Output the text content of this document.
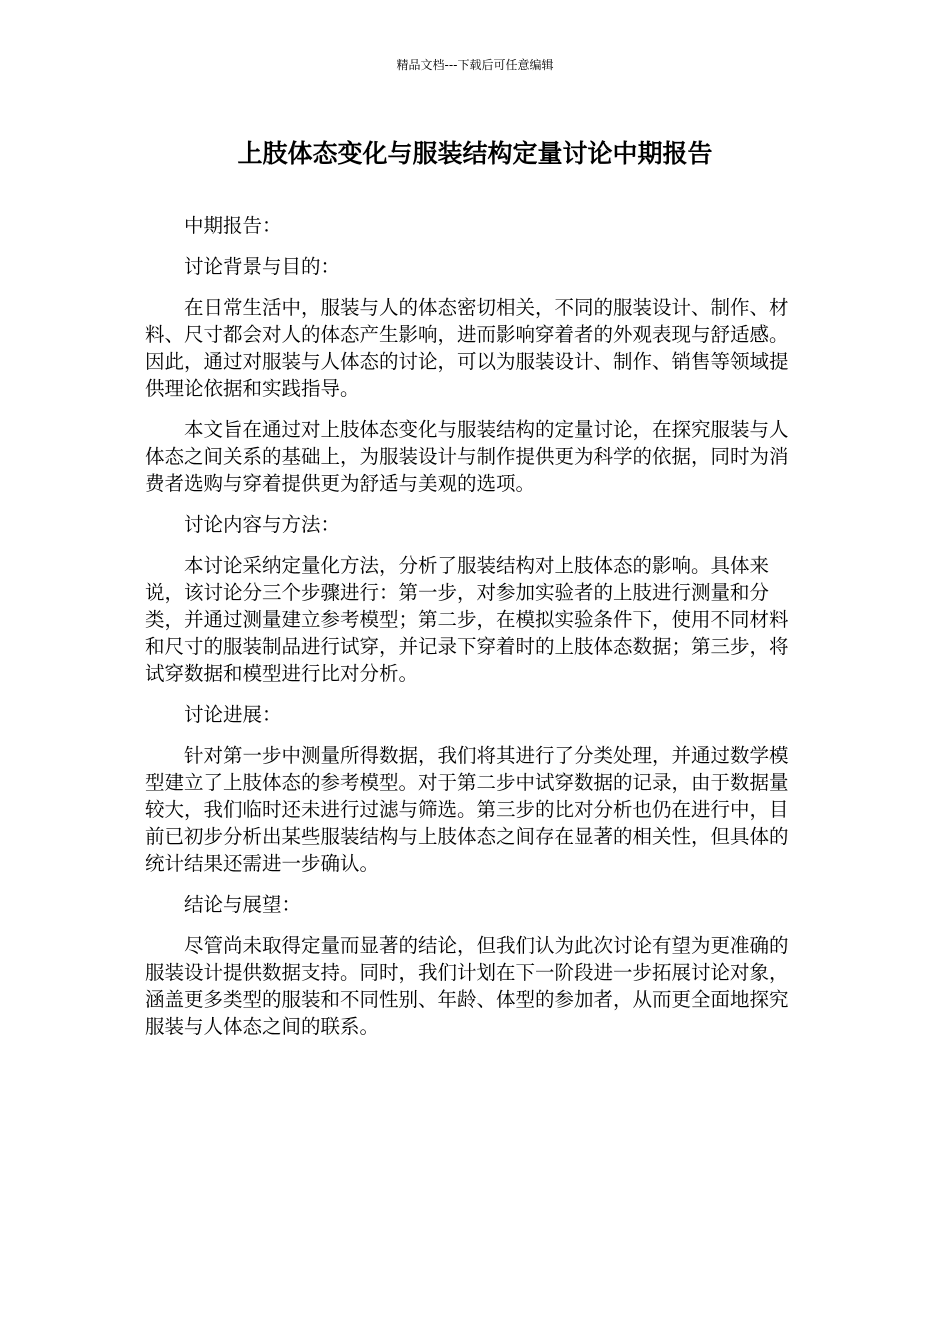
精品文档---下载后可任意编辑
上肢体态变化与服装结构定量讨论中期报告

中期报告：

讨论背景与目的：

在日常生活中，服装与人的体态密切相关，不同的服装设计、制作、材料、尺寸都会对人的体态产生影响，进而影响穿着者的外观表现与舒适感。因此，通过对服装与人体态的讨论，可以为服装设计、制作、销售等领域提供理论依据和实践指导。

本文旨在通过对上肢体态变化与服装结构的定量讨论，在探究服装与人体态之间关系的基础上，为服装设计与制作提供更为科学的依据，同时为消费者选购与穿着提供更为舒适与美观的选项。

讨论内容与方法：

本讨论采纳定量化方法，分析了服装结构对上肢体态的影响。具体来说，该讨论分三个步骤进行：第一步，对参加实验者的上肢进行测量和分类，并通过测量建立参考模型；第二步，在模拟实验条件下，使用不同材料和尺寸的服装制品进行试穿，并记录下穿着时的上肢体态数据；第三步，将试穿数据和模型进行比对分析。

讨论进展：

针对第一步中测量所得数据，我们将其进行了分类处理，并通过数学模型建立了上肢体态的参考模型。对于第二步中试穿数据的记录，由于数据量较大，我们临时还未进行过滤与筛选。第三步的比对分析也仍在进行中，目前已初步分析出某些服装结构与上肢体态之间存在显著的相关性，但具体的统计结果还需进一步确认。

结论与展望：

尽管尚未取得定量而显著的结论，但我们认为此次讨论有望为更准确的服装设计提供数据支持。同时，我们计划在下一阶段进一步拓展讨论对象，涵盖更多类型的服装和不同性别、年龄、体型的参加者，从而更全面地探究服装与人体态之间的联系。
